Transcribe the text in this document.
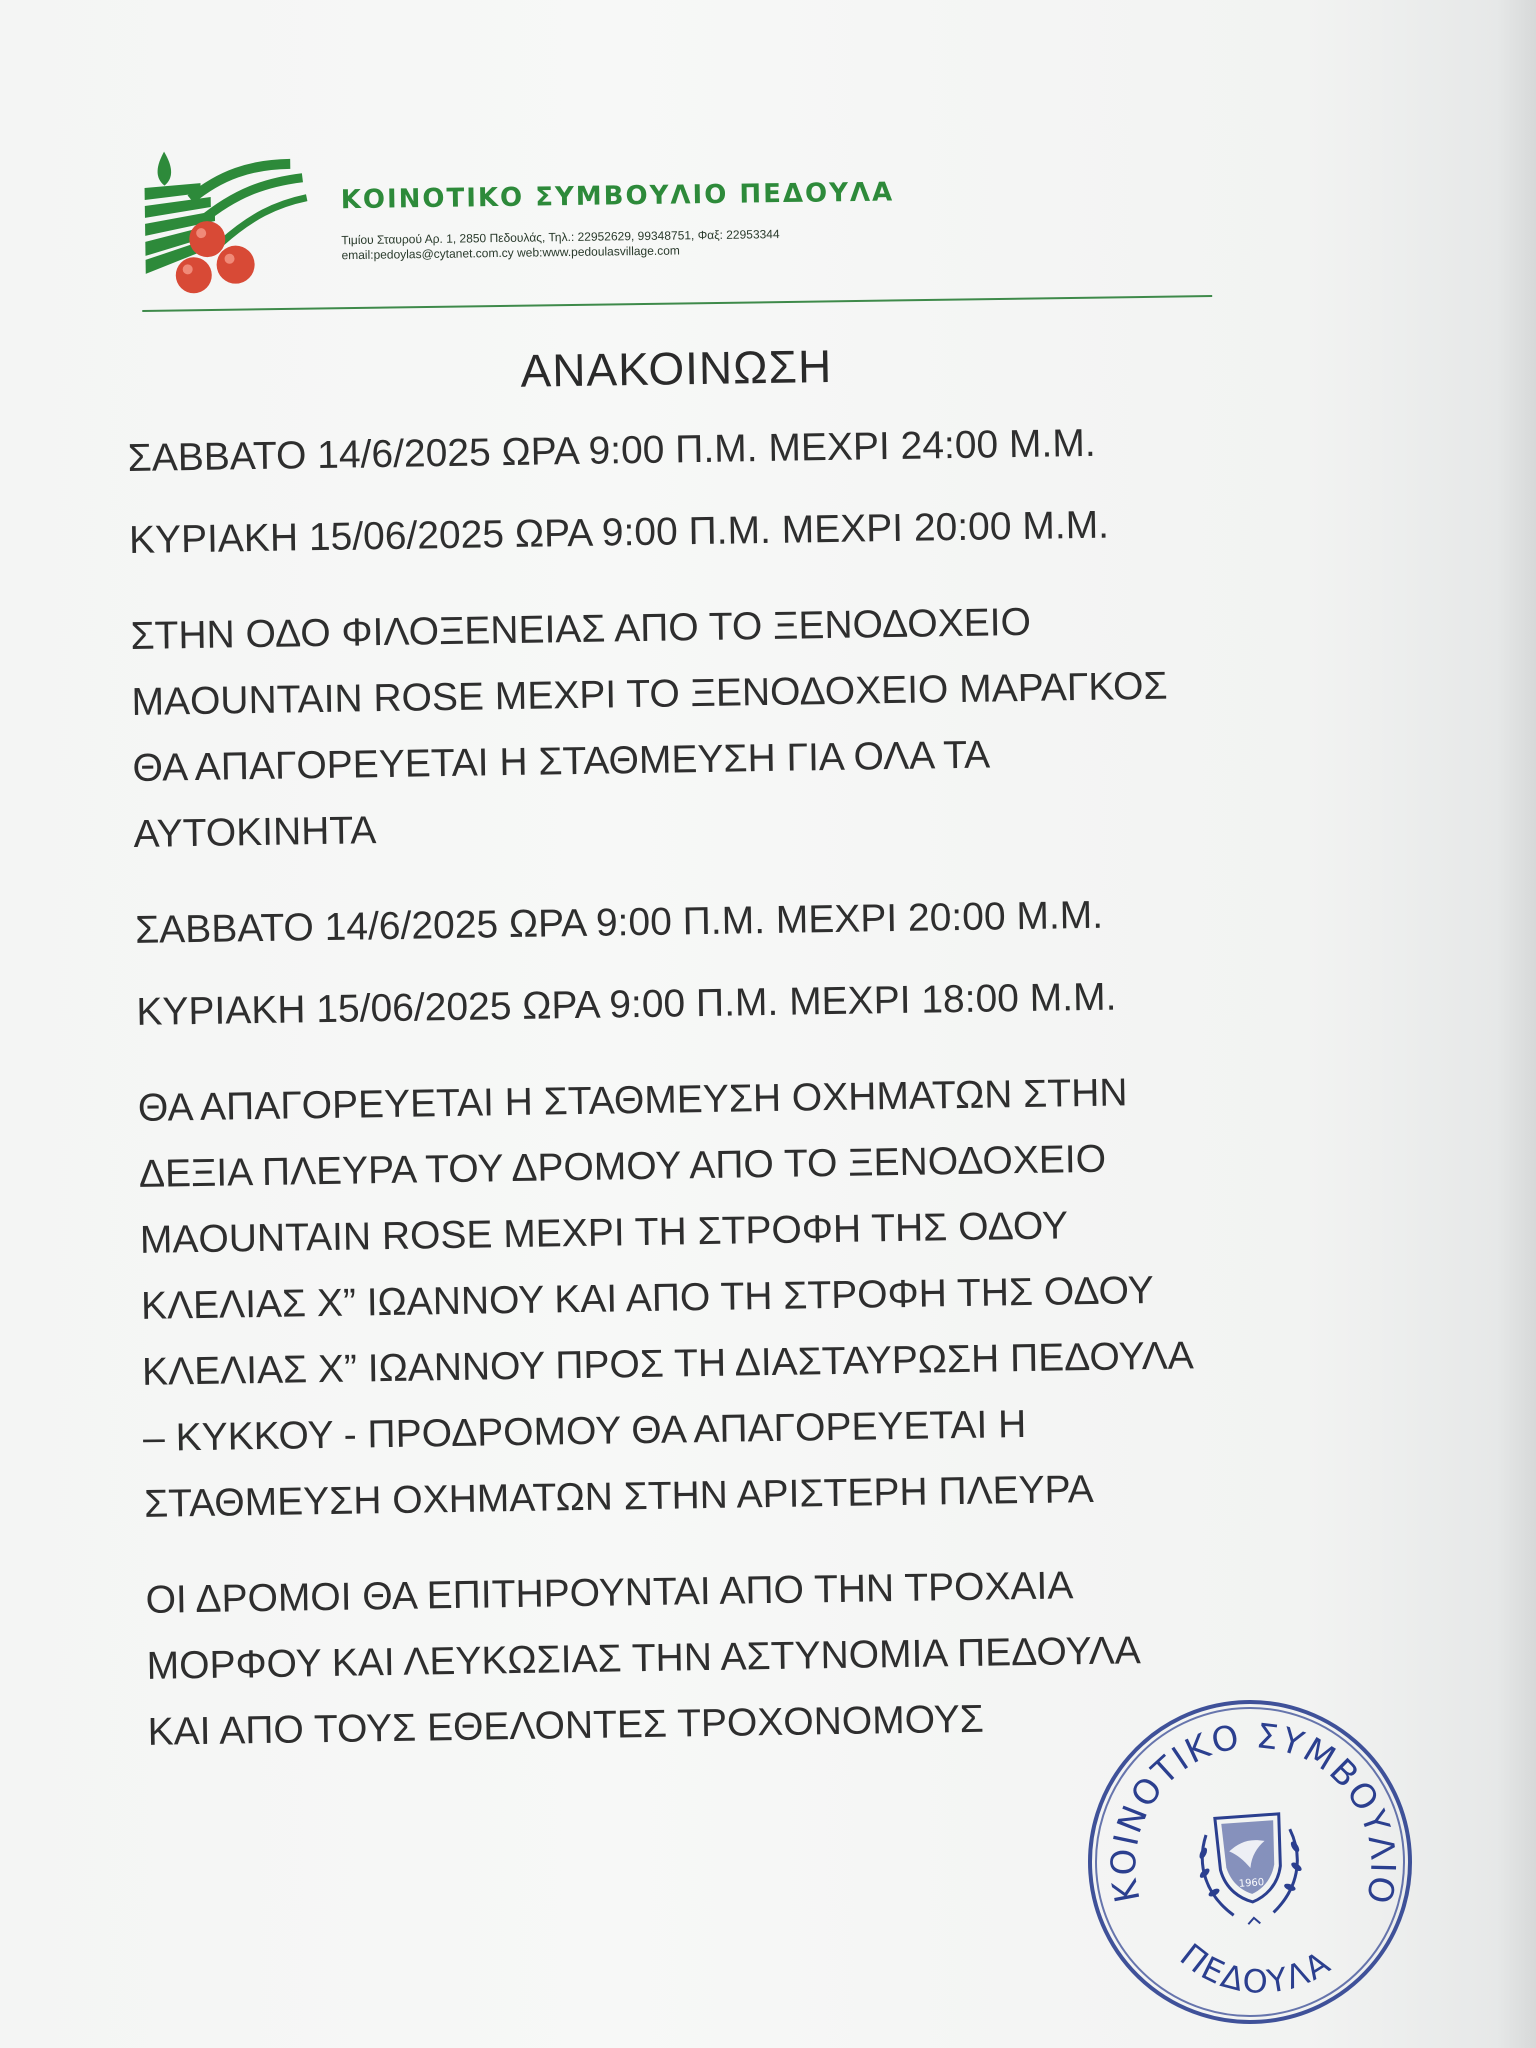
ΚΟΙΝΟΤΙΚΟ ΣΥΜΒΟΥΛΙΟ ΠΕΔΟΥΛΑ
Τιμίου Σταυρού Αρ. 1, 2850 Πεδουλάς, Τηλ.: 22952629, 99348751, Φαξ: 22953344
email:pedoylas@cytanet.com.cy web:www.pedoulasvillage.com
ΑΝΑΚΟΙΝΩΣΗ
ΣΑΒΒΑΤΟ 14/6/2025 ΩΡΑ 9:00 Π.Μ. ΜΕΧΡΙ 24:00 Μ.Μ.
ΚΥΡΙΑΚΗ 15/06/2025 ΩΡΑ 9:00 Π.Μ. ΜΕΧΡΙ 20:00 Μ.Μ.
ΣΤΗΝ ΟΔΟ ΦΙΛΟΞΕΝΕΙΑΣ ΑΠΟ ΤΟ ΞΕΝΟΔΟΧΕΙΟ
ΜΑOUNTAIN ROSE ΜΕΧΡΙ ΤΟ ΞΕΝΟΔΟΧΕΙΟ ΜΑΡΑΓΚΟΣ
ΘΑ ΑΠΑΓΟΡΕΥΕΤΑΙ Η ΣΤΑΘΜΕΥΣΗ ΓΙΑ ΟΛΑ ΤΑ
ΑΥΤΟΚΙΝΗΤΑ
ΣΑΒΒΑΤΟ 14/6/2025 ΩΡΑ 9:00 Π.Μ. ΜΕΧΡΙ 20:00 Μ.Μ.
ΚΥΡΙΑΚΗ 15/06/2025 ΩΡΑ 9:00 Π.Μ. ΜΕΧΡΙ 18:00 Μ.Μ.
ΘΑ ΑΠΑΓΟΡΕΥΕΤΑΙ Η ΣΤΑΘΜΕΥΣΗ ΟΧΗΜΑΤΩΝ ΣΤΗΝ
ΔΕΞΙΑ ΠΛΕΥΡΑ ΤΟΥ ΔΡΟΜΟΥ ΑΠΟ ΤΟ ΞΕΝΟΔΟΧΕΙΟ
ΜΑOUNTAIN ROSE ΜΕΧΡΙ ΤΗ ΣΤΡΟΦΗ ΤΗΣ ΟΔΟΥ
ΚΛΕΛΙΑΣ Χ” ΙΩΑΝΝΟΥ ΚΑΙ ΑΠΟ ΤΗ ΣΤΡΟΦΗ ΤΗΣ ΟΔΟΥ
ΚΛΕΛΙΑΣ Χ” ΙΩΑΝΝΟΥ ΠΡΟΣ ΤΗ ΔΙΑΣΤΑΥΡΩΣΗ ΠΕΔΟΥΛΑ
– ΚΥΚΚΟΥ - ΠΡΟΔΡΟΜΟΥ ΘΑ ΑΠΑΓΟΡΕΥΕΤΑΙ Η
ΣΤΑΘΜΕΥΣΗ ΟΧΗΜΑΤΩΝ ΣΤΗΝ ΑΡΙΣΤΕΡΗ ΠΛΕΥΡΑ
ΟΙ ΔΡΟΜΟΙ ΘΑ ΕΠΙΤΗΡΟΥΝΤΑΙ ΑΠΟ ΤΗΝ ΤΡΟΧΑΙΑ
ΜΟΡΦΟΥ ΚΑΙ ΛΕΥΚΩΣΙΑΣ ΤΗΝ ΑΣΤΥΝΟΜΙΑ ΠΕΔΟΥΛΑ
ΚΑΙ ΑΠΟ ΤΟΥΣ ΕΘΕΛΟΝΤΕΣ ΤΡΟΧΟΝΟΜΟΥΣ
ΚΟΙΝΟΤΙΚΟ ΣΥΜΒΟΥΛΙΟ
ΠΕΔΟΥΛΑ
1960
